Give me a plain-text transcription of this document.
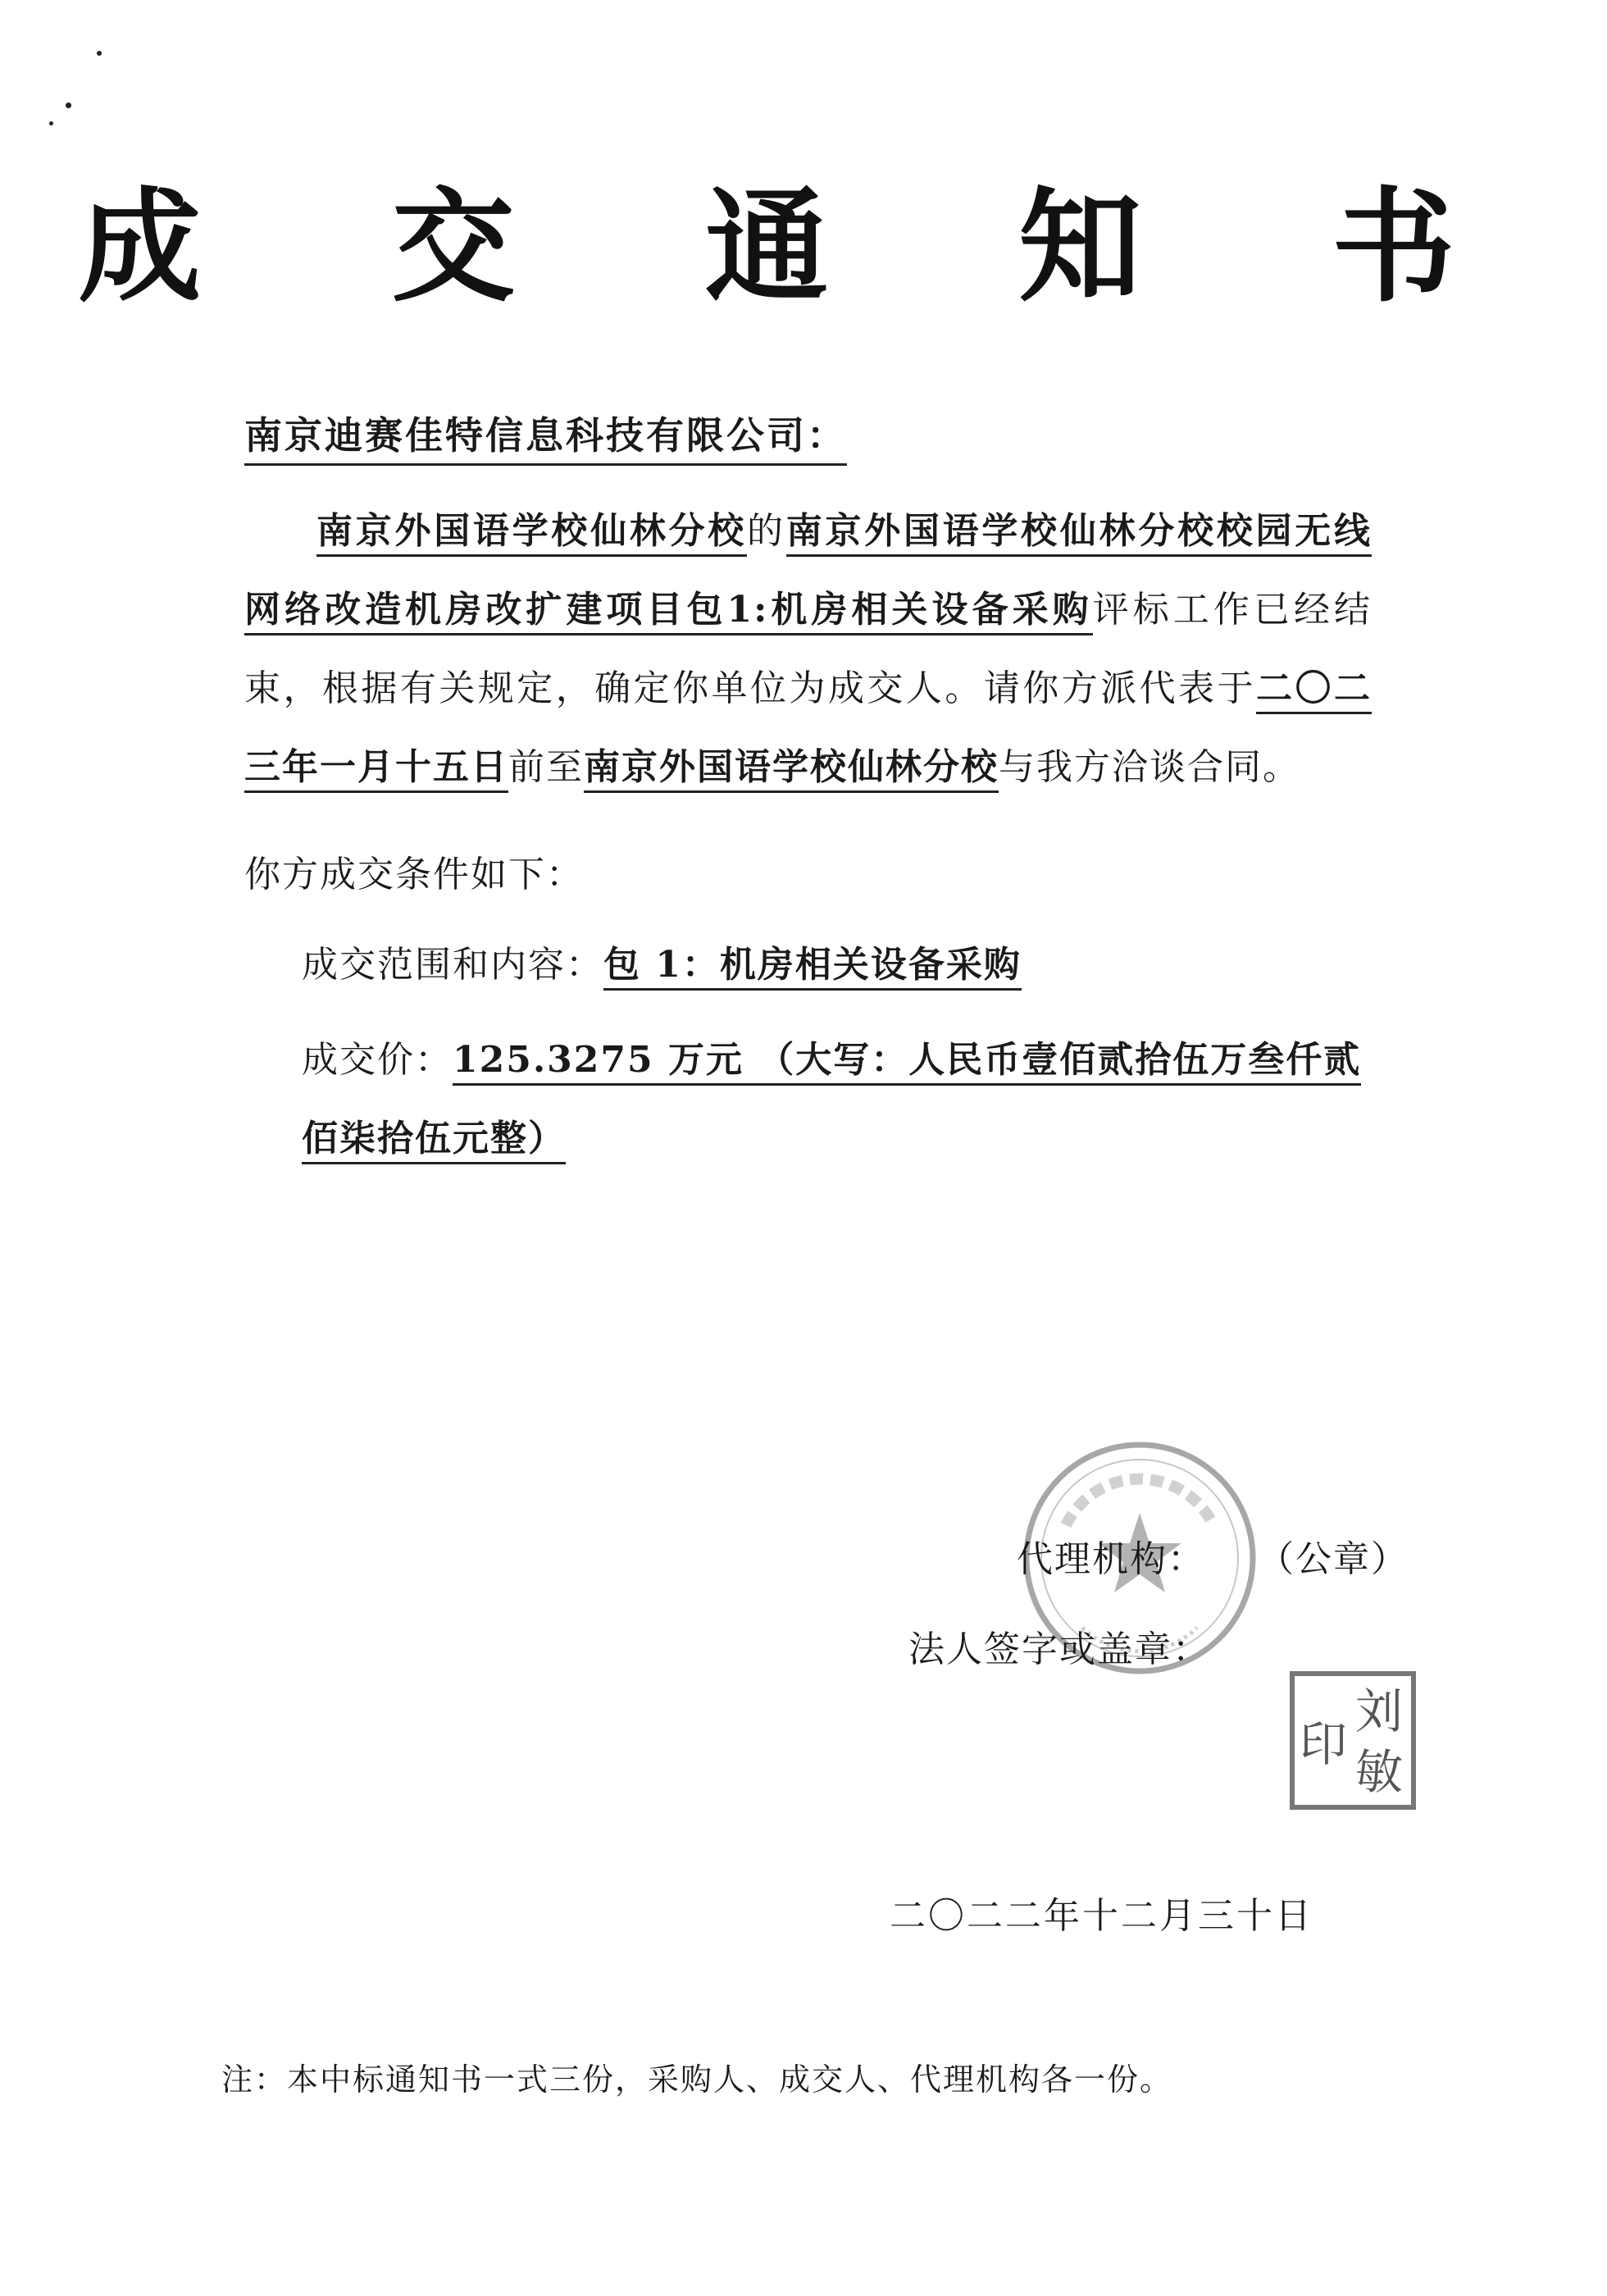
成 交 通 知 书
南京迪赛佳特信息科技有限公司：

南京外国语学校仙林分校的南京外国语学校仙林分校校园无线网络改造机房改扩建项目包1:机房相关设备采购评标工作已经结束，根据有关规定，确定你单位为成交人。请你方派代表于二〇二三年一月十五日前至南京外国语学校仙林分校与我方洽谈合同。

你方成交条件如下：
成交范围和内容：包 1：机房相关设备采购
成交价：125.3275 万元 （大写：人民币壹佰贰拾伍万叁仟贰佰柒拾伍元整）
代理机构： （公章）
法人签字或盖章：
刘
敏
印
二〇二二年十二月三十日
注：本中标通知书一式三份，采购人、成交人、代理机构各一份。
